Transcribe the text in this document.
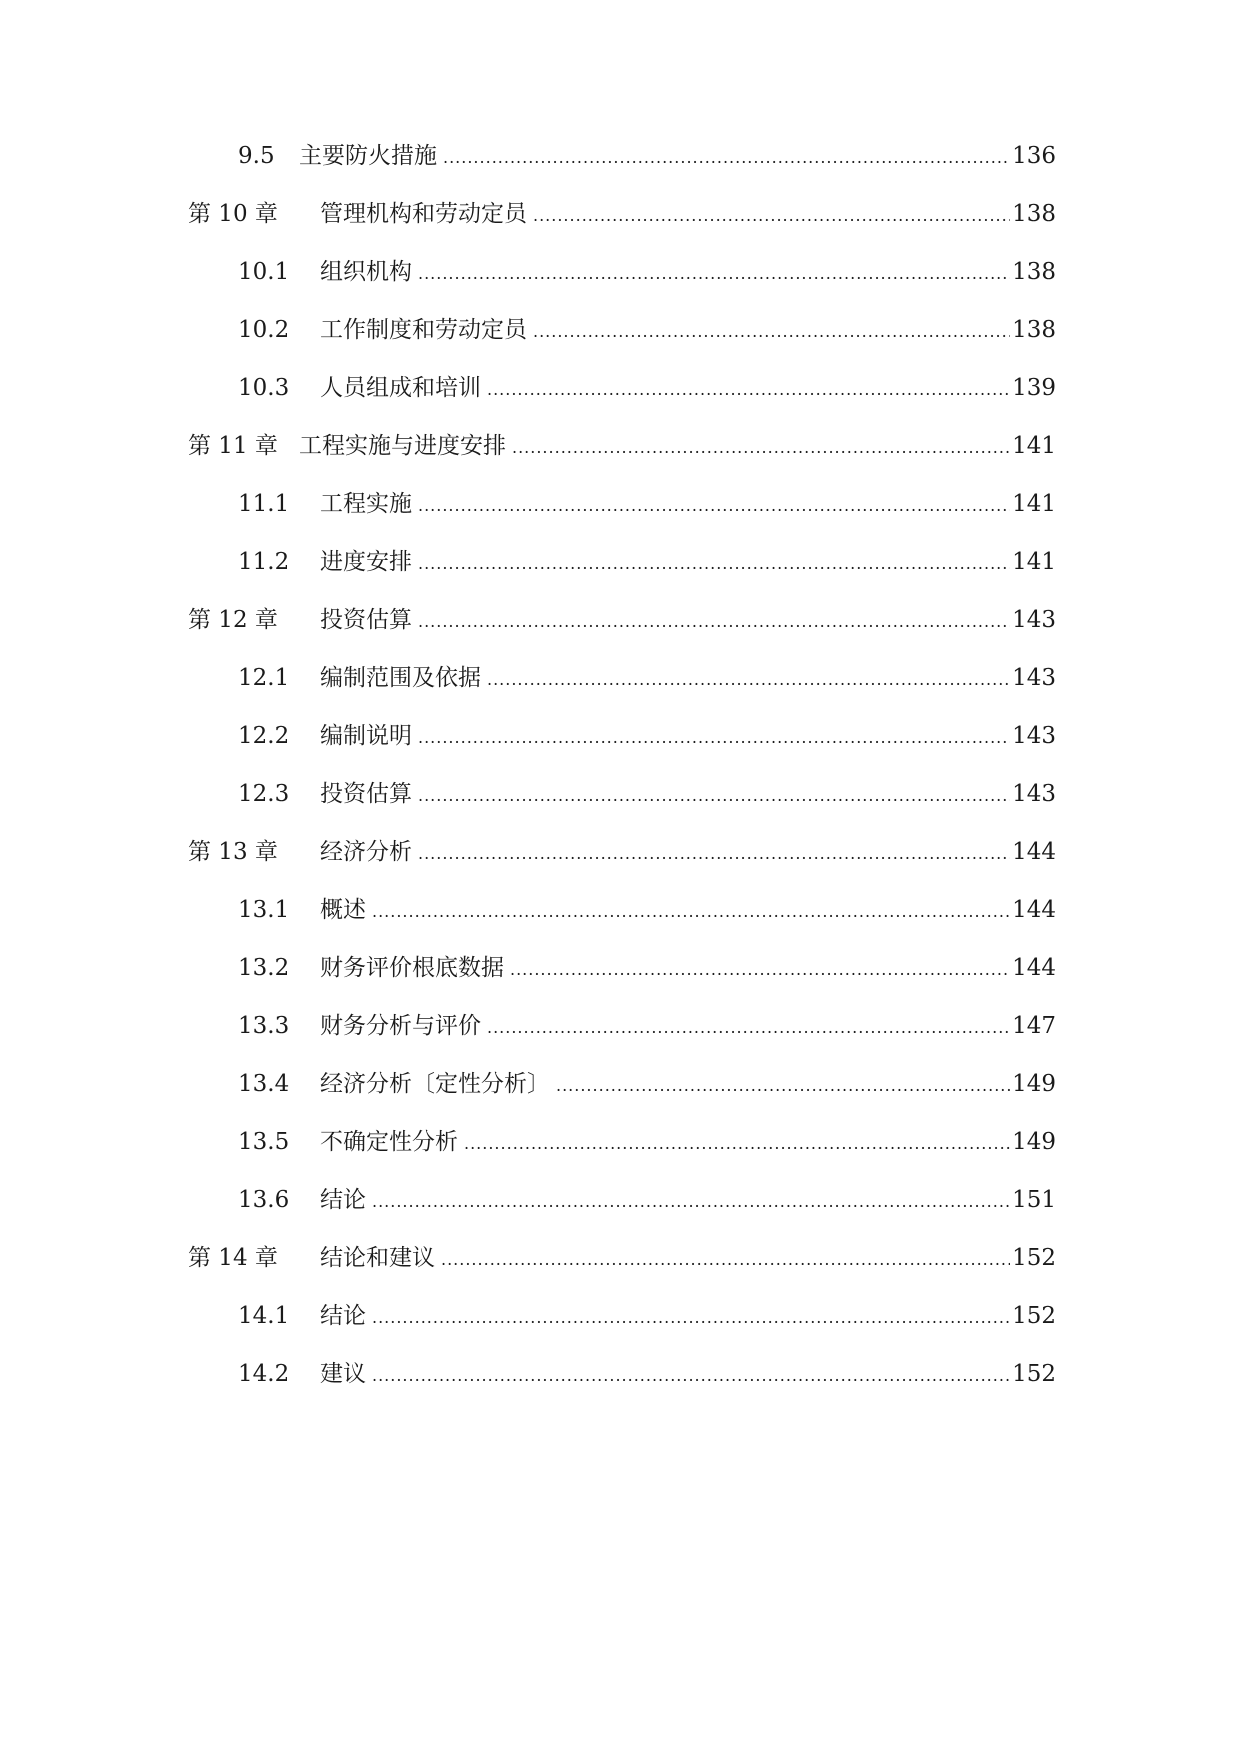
9.5 主要防火措施 .....	136
第 10 章 管理机构和劳动定员 .....	138
10.1 组织机构 .....	138
10.2 工作制度和劳动定员 .....	138
10.3 人员组成和培训 .....	139
第 11 章 工程实施与进度安排 .....	141
11.1 工程实施 .....	141
11.2 进度安排 .....	141
第 12 章 投资估算 .....	143
12.1 编制范围及依据 .....	143
12.2 编制说明 .....	143
12.3 投资估算 .....	143
第 13 章 经济分析 .....	144
13.1 概述 .....	144
13.2 财务评价根底数据 .....	144
13.3 财务分析与评价 .....	147
13.4 经济分析〔定性分析〕 .....	149
13.5 不确定性分析 .....	149
13.6 结论 .....	151
第 14 章 结论和建议 .....	152
14.1 结论 .....	152
14.2 建议 .....	152
